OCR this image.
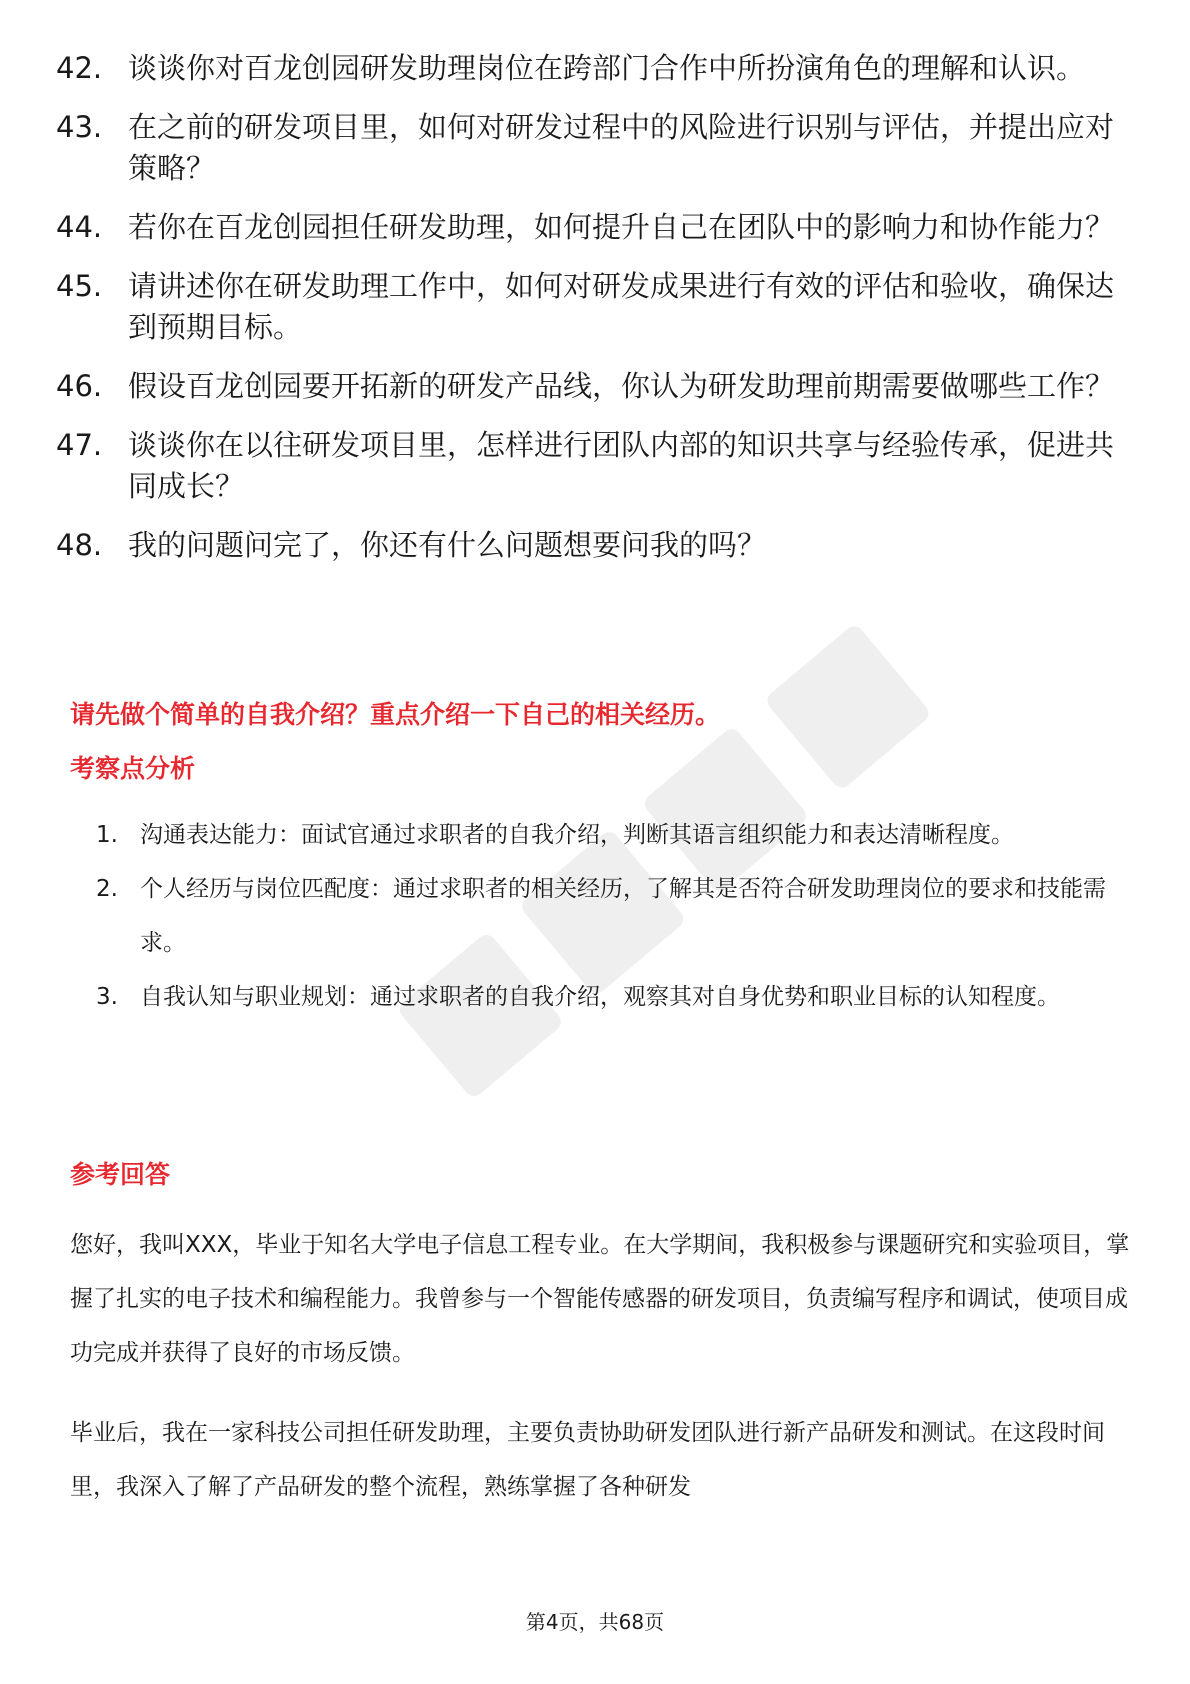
42. 谈谈你对百龙创园研发助理岗位在跨部门合作中所扮演角色的理解和认识。
43. 在之前的研发项目里，如何对研发过程中的风险进行识别与评估，并提出应对策略？
44. 若你在百龙创园担任研发助理，如何提升自己在团队中的影响力和协作能力？
45. 请讲述你在研发助理工作中，如何对研发成果进行有效的评估和验收，确保达到预期目标。
46. 假设百龙创园要开拓新的研发产品线，你认为研发助理前期需要做哪些工作？
47. 谈谈你在以往研发项目里，怎样进行团队内部的知识共享与经验传承，促进共同成长？
48. 我的问题问完了，你还有什么问题想要问我的吗？
请先做个简单的自我介绍？重点介绍一下自己的相关经历。
考察点分析
1. 沟通表达能力：面试官通过求职者的自我介绍，判断其语言组织能力和表达清晰程度。
2. 个人经历与岗位匹配度：通过求职者的相关经历，了解其是否符合研发助理岗位的要求和技能需求。
3. 自我认知与职业规划：通过求职者的自我介绍，观察其对自身优势和职业目标的认知程度。
参考回答

您好，我叫XXX，毕业于知名大学电子信息工程专业。在大学期间，我积极参与课题研究和实验项目，掌握了扎实的电子技术和编程能力。我曾参与一个智能传感器的研发项目，负责编写程序和调试，使项目成功完成并获得了良好的市场反馈。

毕业后，我在一家科技公司担任研发助理，主要负责协助研发团队进行新产品研发和测试。在这段时间里，我深入了解了产品研发的整个流程，熟练掌握了各种研发

第4页，共68页
